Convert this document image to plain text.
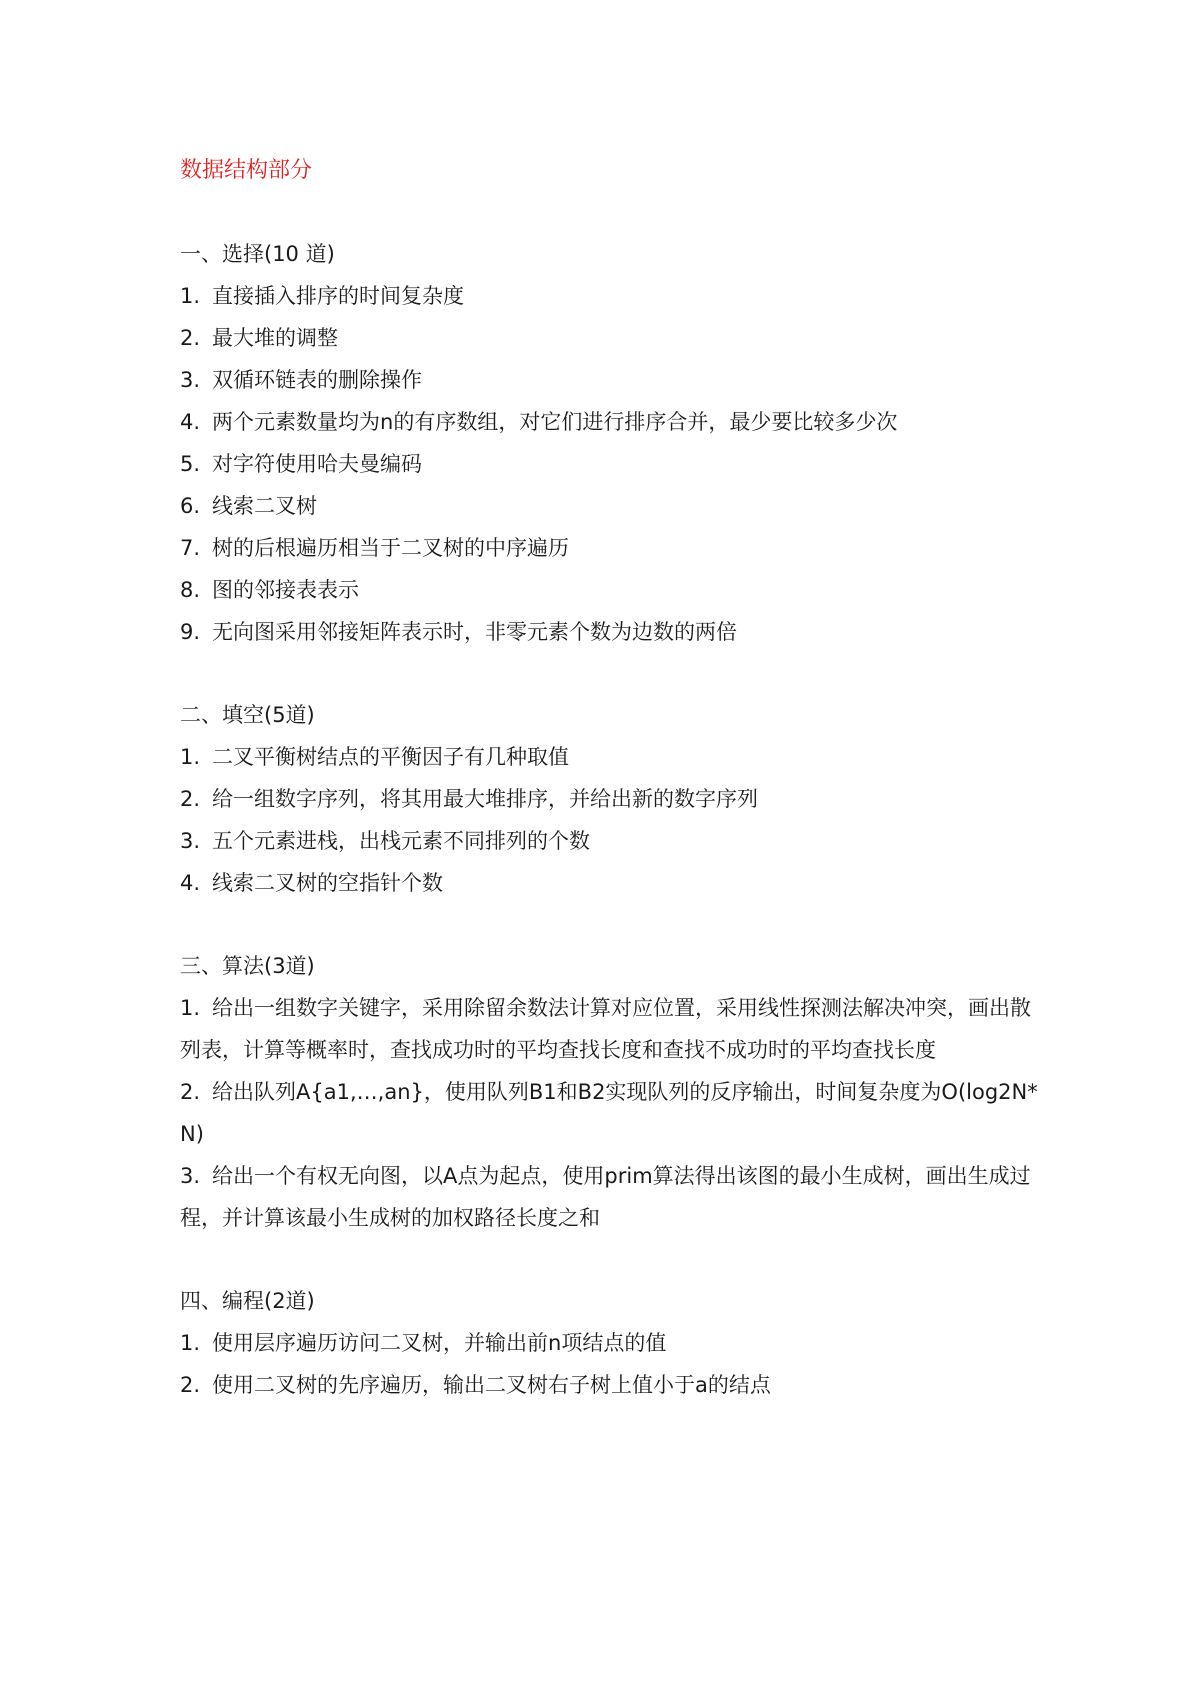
数据结构部分
一、选择(10 道)
1. 直接插入排序的时间复杂度
2. 最大堆的调整
3. 双循环链表的删除操作
4. 两个元素数量均为n的有序数组，对它们进行排序合并，最少要比较多少次
5. 对字符使用哈夫曼编码
6. 线索二叉树
7. 树的后根遍历相当于二叉树的中序遍历
8. 图的邻接表表示
9. 无向图采用邻接矩阵表示时，非零元素个数为边数的两倍
二、填空(5道)
1. 二叉平衡树结点的平衡因子有几种取值
2. 给一组数字序列，将其用最大堆排序，并给出新的数字序列
3. 五个元素进栈，出栈元素不同排列的个数
4. 线索二叉树的空指针个数
三、算法(3道)
1. 给出一组数字关键字，采用除留余数法计算对应位置，采用线性探测法解决冲突，画出散列表，计算等概率时，查找成功时的平均查找长度和查找不成功时的平均查找长度
2. 给出队列A{a1,…,an}，使用队列B1和B2实现队列的反序输出，时间复杂度为O(log2N*N)
3. 给出一个有权无向图，以A点为起点，使用prim算法得出该图的最小生成树，画出生成过程，并计算该最小生成树的加权路径长度之和
四、编程(2道)
1. 使用层序遍历访问二叉树，并输出前n项结点的值
2. 使用二叉树的先序遍历，输出二叉树右子树上值小于a的结点
